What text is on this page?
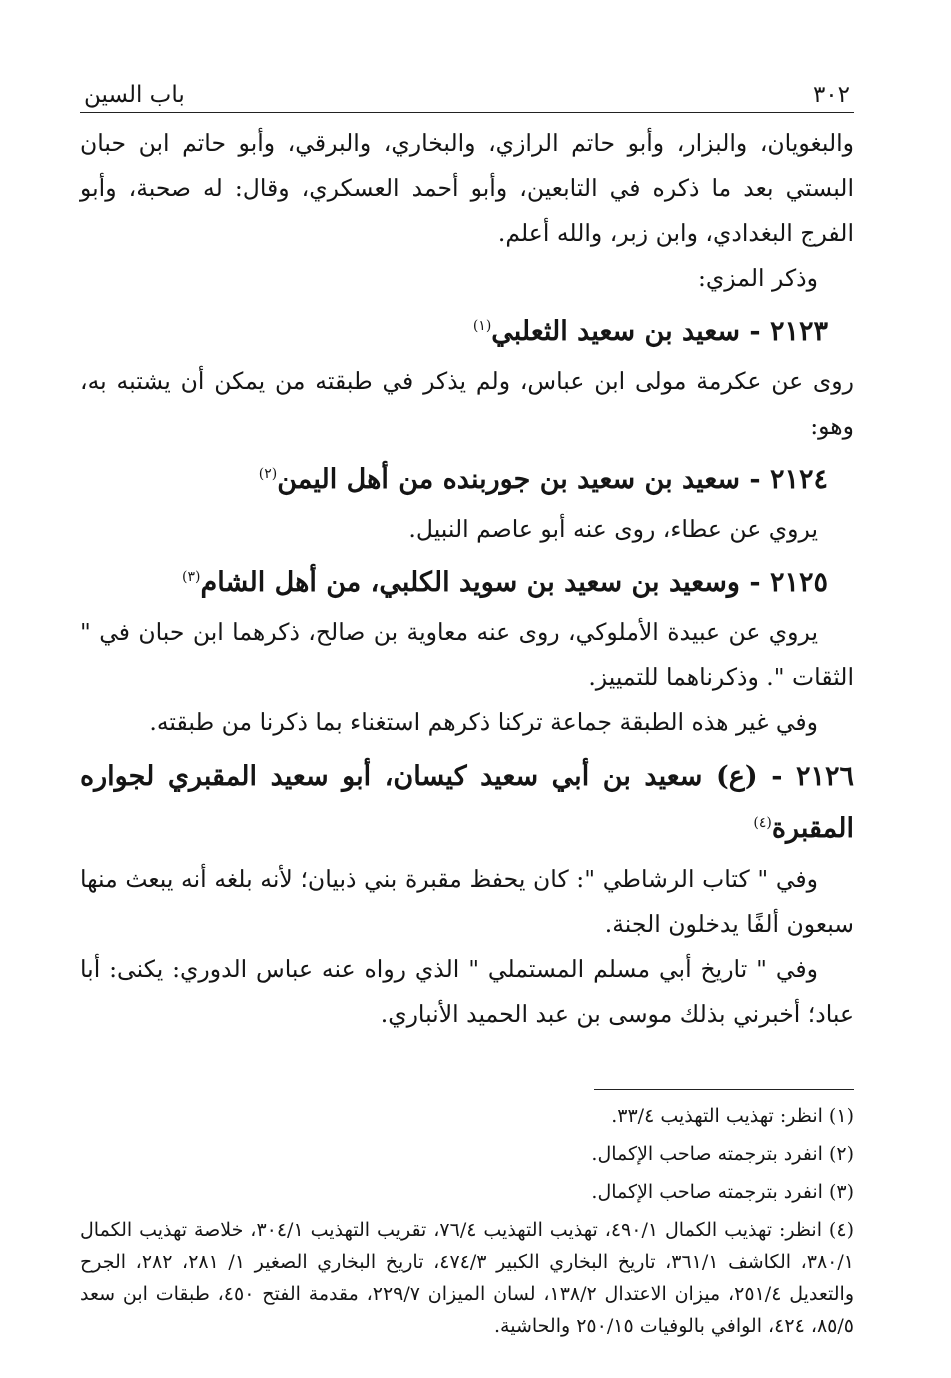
٣٠٢
باب السين

والبغويان، والبزار، وأبو حاتم الرازي، والبخاري، والبرقي، وأبو حاتم ابن حبان البستي بعد ما ذكره في التابعين، وأبو أحمد العسكري، وقال: له صحبة، وأبو الفرج البغدادي، وابن زبر، والله أعلم.

وذكر المزي:

٢١٢٣ - سعيد بن سعيد الثعلبي$^{(١)}$

روى عن عكرمة مولى ابن عباس، ولم يذكر في طبقته من يمكن أن يشتبه به، وهو:

٢١٢٤ - سعيد بن سعيد بن جوربنده من أهل اليمن$^{(٢)}$

يروي عن عطاء، روى عنه أبو عاصم النبيل.

٢١٢٥ - وسعيد بن سعيد بن سويد الكلبي، من أهل الشام$^{(٣)}$

يروي عن عبيدة الأملوكي، روى عنه معاوية بن صالح، ذكرهما ابن حبان في " الثقات ". وذكرناهما للتمييز.

وفي غير هذه الطبقة جماعة تركنا ذكرهم استغناء بما ذكرنا من طبقته.

٢١٢٦ - (ع) سعيد بن أبي سعيد كيسان، أبو سعيد المقبري لجواره المقبرة$^{(٤)}$

وفي " كتاب الرشاطي ": كان يحفظ مقبرة بني ذبيان؛ لأنه بلغه أنه يبعث منها سبعون ألفًا يدخلون الجنة.

وفي " تاريخ أبي مسلم المستملي " الذي رواه عنه عباس الدوري: يكنى: أبا عباد؛ أخبرني بذلك موسى بن عبد الحميد الأنباري.

(١) انظر: تهذيب التهذيب ٣٣/٤.

(٢) انفرد بترجمته صاحب الإكمال.

(٣) انفرد بترجمته صاحب الإكمال.

(٤) انظر: تهذيب الكمال ٤٩٠/١، تهذيب التهذيب ٧٦/٤، تقريب التهذيب ٣٠٤/١، خلاصة تهذيب الكمال ٣٨٠/١، الكاشف ٣٦١/١، تاريخ البخاري الكبير ٤٧٤/٣، تاريخ البخاري الصغير ١/ ٢٨١، ٢٨٢، الجرح والتعديل ٢٥١/٤، ميزان الاعتدال ١٣٨/٢، لسان الميزان ٢٢٩/٧، مقدمة الفتح ٤٥٠، طبقات ابن سعد ٨٥/٥، ٤٢٤، الوافي بالوفيات ٢٥٠/١٥ والحاشية.
